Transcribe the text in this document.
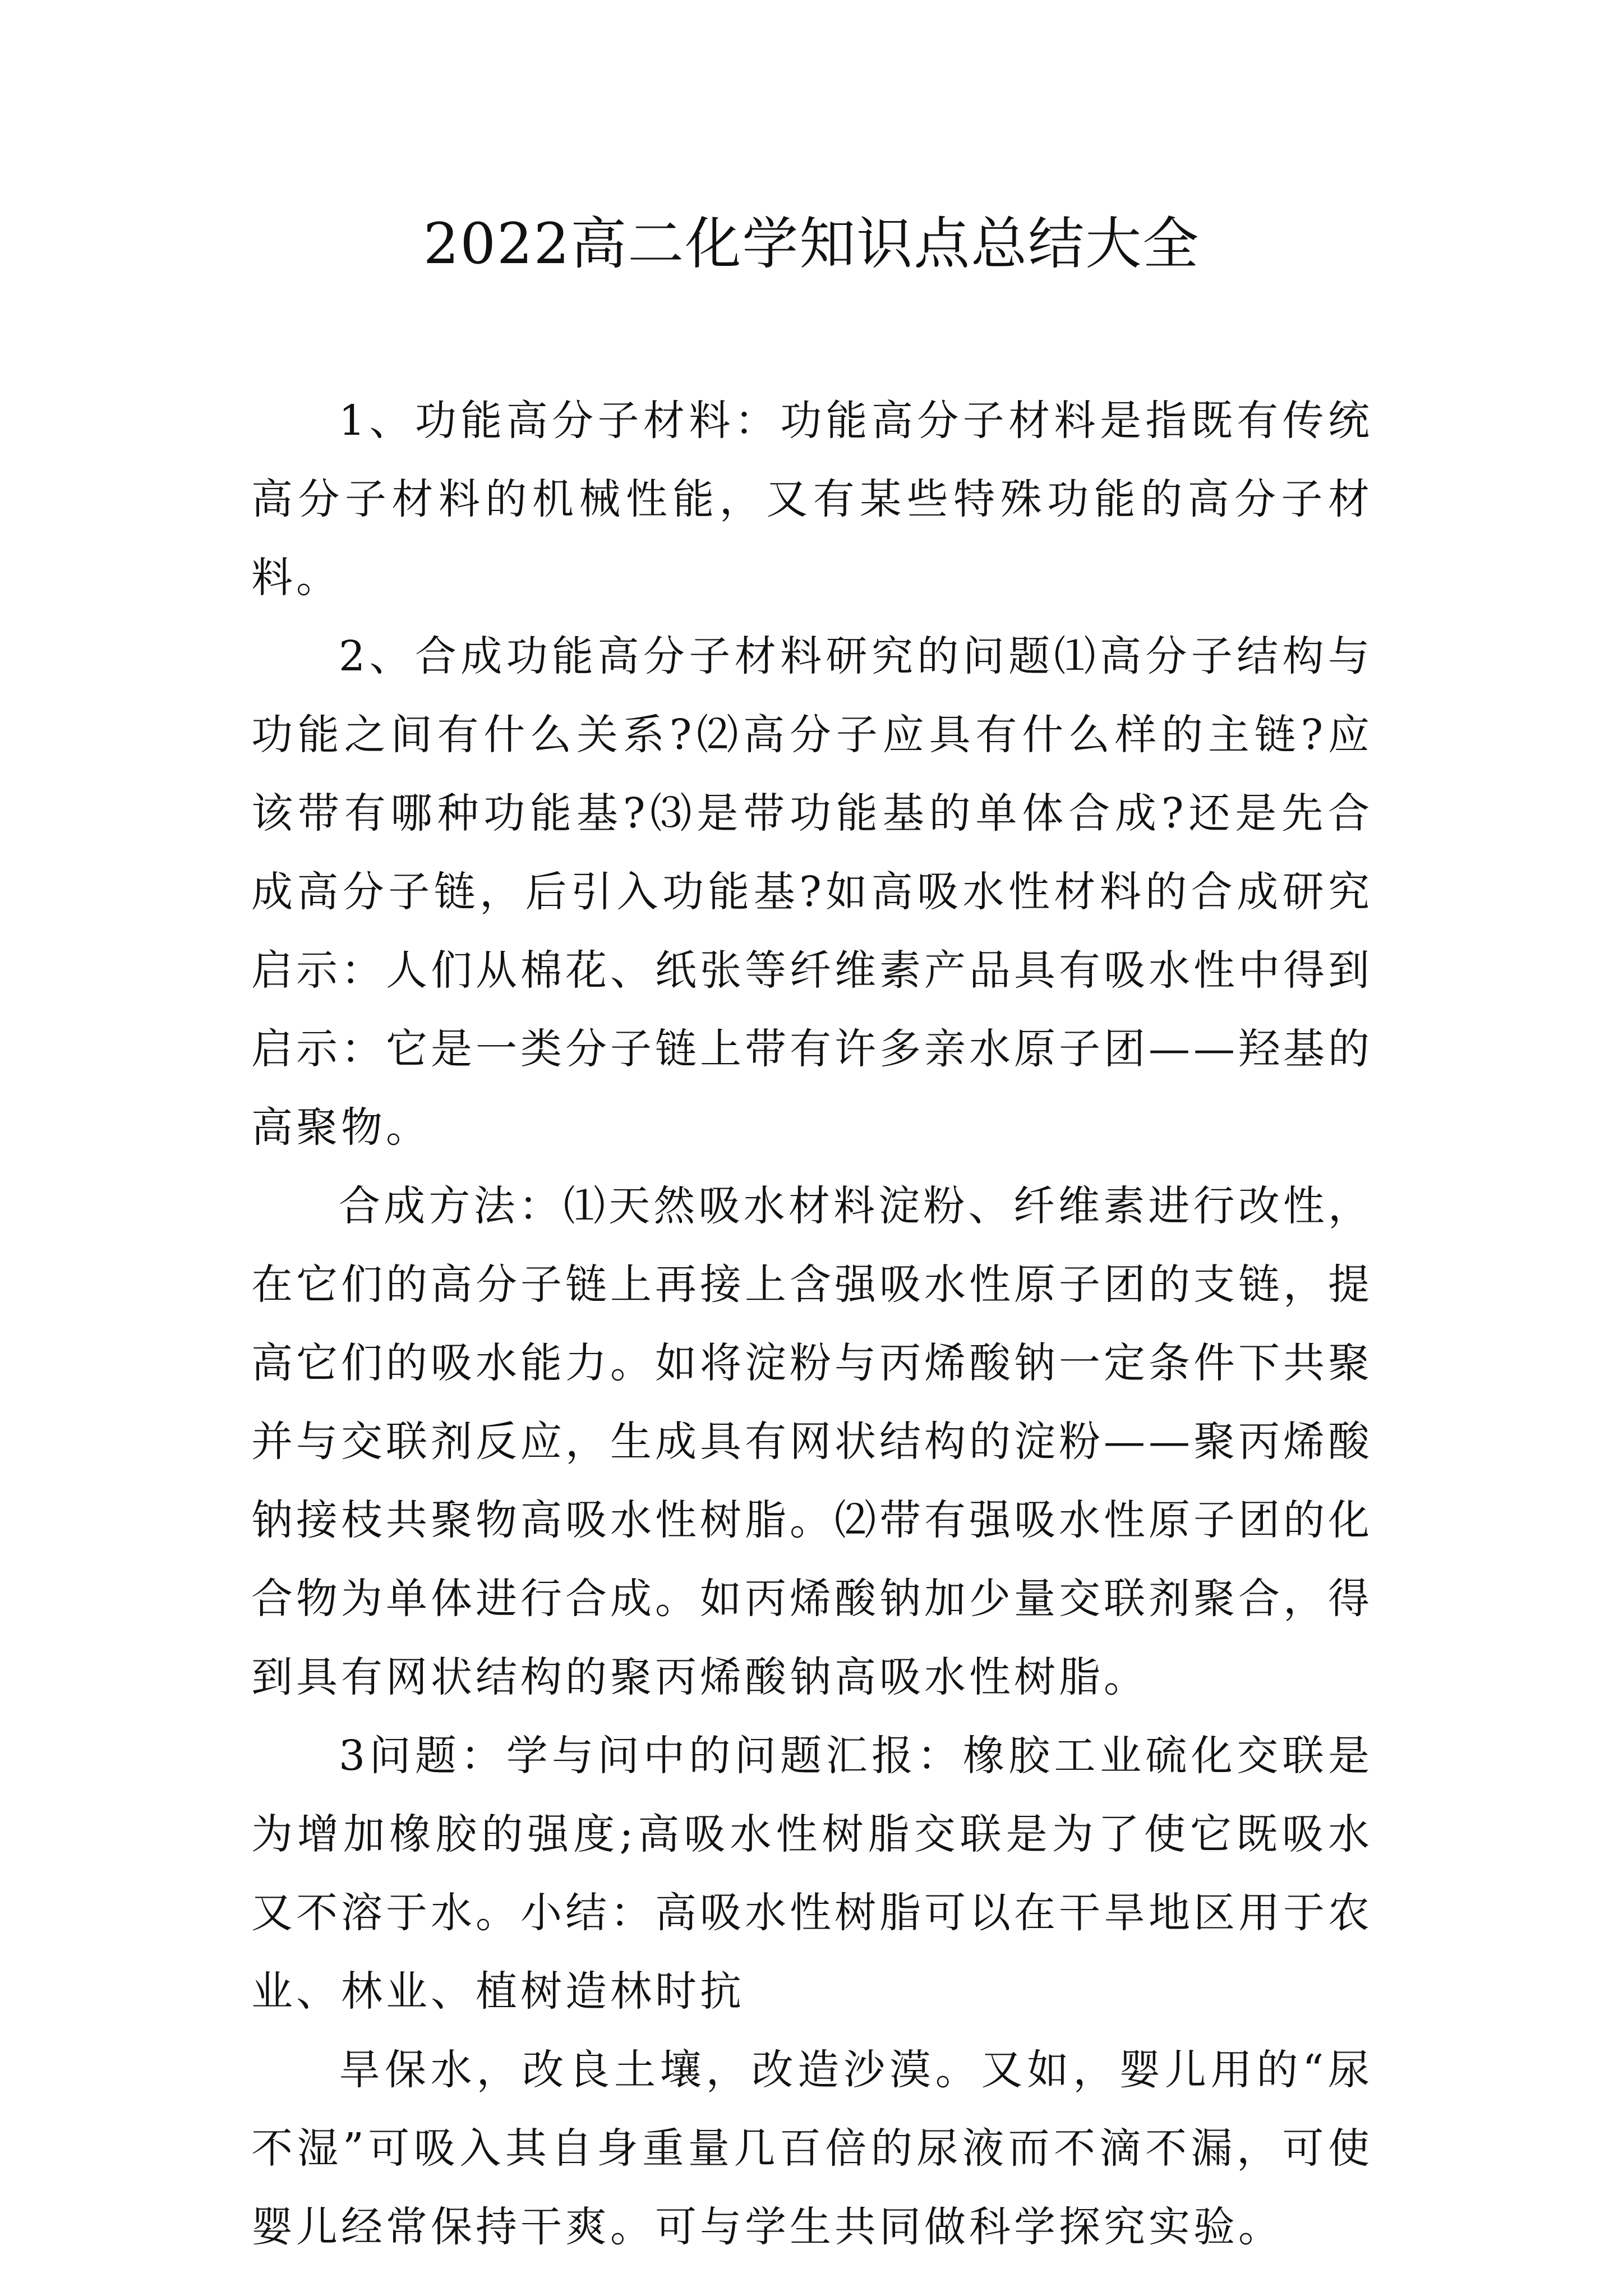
2022高二化学知识点总结大全

1、功能高分子材料：功能高分子材料是指既有传统高分子材料的机械性能，又有某些特殊功能的高分子材料。

2、合成功能高分子材料研究的问题⑴高分子结构与功能之间有什么关系?⑵高分子应具有什么样的主链?应该带有哪种功能基?⑶是带功能基的单体合成?还是先合成高分子链，后引入功能基?如高吸水性材料的合成研究启示：人们从棉花、纸张等纤维素产品具有吸水性中得到启示：它是一类分子链上带有许多亲水原子团——羟基的高聚物。

合成方法：⑴天然吸水材料淀粉、纤维素进行改性，在它们的高分子链上再接上含强吸水性原子团的支链，提高它们的吸水能力。如将淀粉与丙烯酸钠一定条件下共聚并与交联剂反应，生成具有网状结构的淀粉——聚丙烯酸钠接枝共聚物高吸水性树脂。⑵带有强吸水性原子团的化合物为单体进行合成。如丙烯酸钠加少量交联剂聚合，得到具有网状结构的聚丙烯酸钠高吸水性树脂。

3问题：学与问中的问题汇报：橡胶工业硫化交联是为增加橡胶的强度;高吸水性树脂交联是为了使它既吸水又不溶于水。小结：高吸水性树脂可以在干旱地区用于农业、林业、植树造林时抗

旱保水，改良土壤，改造沙漠。又如，婴儿用的“尿不湿”可吸入其自身重量几百倍的尿液而不滴不漏，可使婴儿经常保持干爽。可与学生共同做科学探究实验。
